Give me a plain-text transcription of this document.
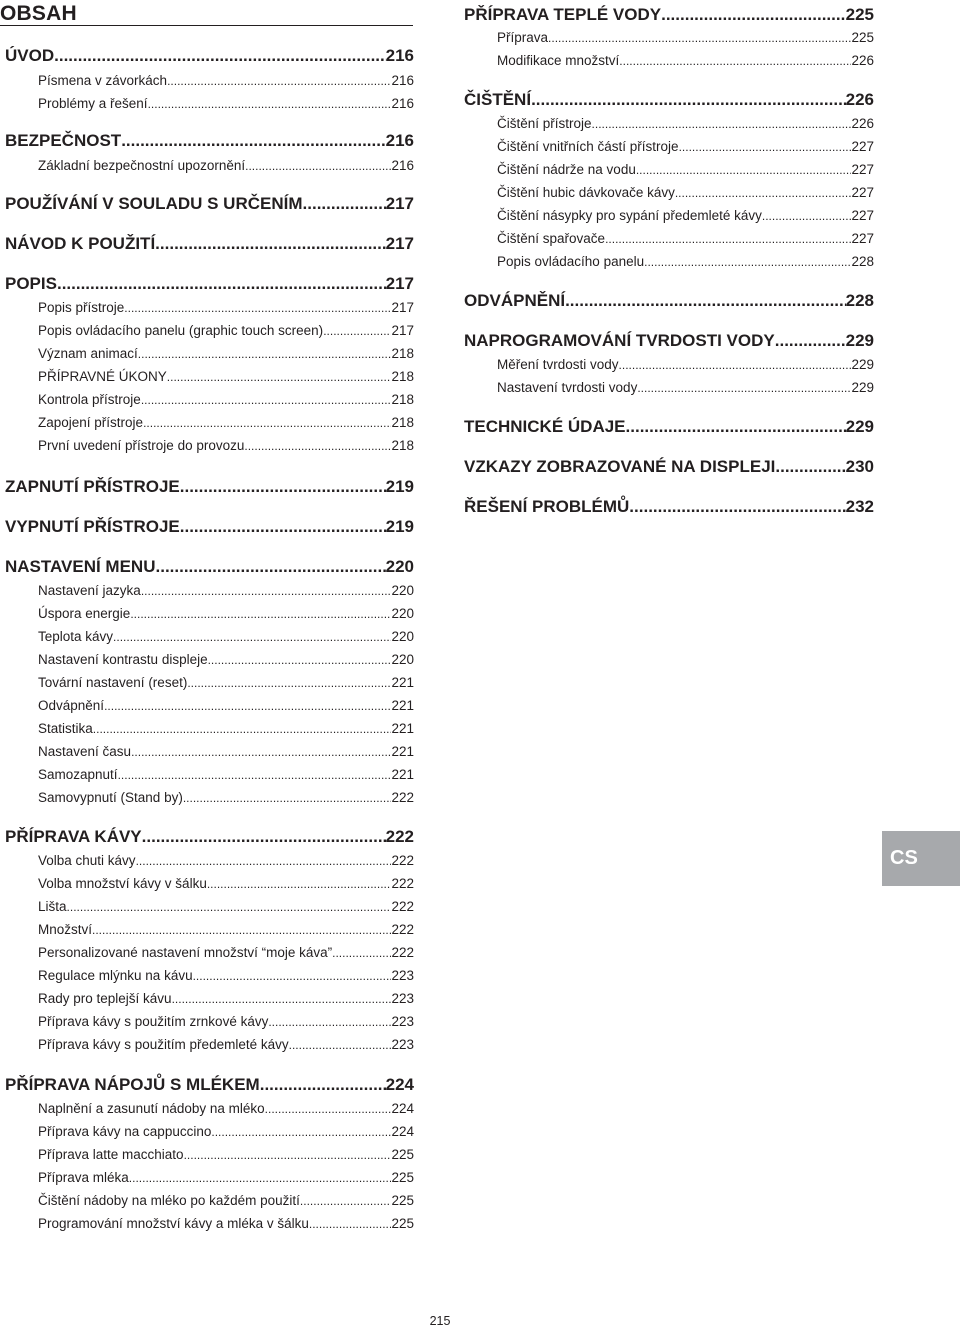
OBSAH
ÚVOD .....	216
Písmena v závorkách .....	216
Problémy a řešení .....	216
BEZPEČNOST .....	216
Základní bezpečnostní upozornění .....	216
POUŽÍVÁNÍ V SOULADU S URČENÍM .....	217
NÁVOD K POUŽITÍ .....	217
POPIS .....	217
Popis přístroje .....	217
Popis ovládacího panelu (graphic touch screen) .....	217
Význam animací .....	218
PŘÍPRAVNÉ ÚKONY .....	218
Kontrola přístroje .....	218
Zapojení přístroje .....	218
První uvedení přístroje do provozu .....	218
ZAPNUTÍ PŘÍSTROJE .....	219
VYPNUTÍ PŘÍSTROJE .....	219
NASTAVENÍ MENU .....	220
Nastavení jazyka .....	220
Úspora energie .....	220
Teplota kávy .....	220
Nastavení kontrastu displeje .....	220
Tovární nastavení (reset) .....	221
Odvápnění .....	221
Statistika .....	221
Nastavení času .....	221
Samozapnutí .....	221
Samovypnutí (Stand by) .....	222
PŘÍPRAVA KÁVY .....	222
Volba chuti kávy .....	222
Volba množství kávy v šálku .....	222
Lišta .....	222
Množství .....	222
Personalizované nastavení množství “moje káva” .....	222
Regulace mlýnku na kávu .....	223
Rady pro teplejší kávu .....	223
Příprava kávy s použitím zrnkové kávy .....	223
Příprava kávy s použitím předemleté kávy .....	223
PŘÍPRAVA NÁPOJŮ S MLÉKEM .....	224
Naplnění a zasunutí nádoby na mléko .....	224
Příprava kávy na cappuccino .....	224
Příprava latte macchiato .....	225
Příprava mléka .....	225
Čištění nádoby na mléko po každém použití .....	225
Programování množství kávy a mléka v šálku .....	225
PŘÍPRAVA TEPLÉ VODY .....	225
Příprava .....	225
Modifikace množství .....	226
ČIŠTĚNÍ .....	226
Čištění přístroje .....	226
Čištění vnitřních částí přístroje .....	227
Čištění nádrže na vodu .....	227
Čištění hubic dávkovače kávy .....	227
Čištění násypky pro sypání předemleté kávy .....	227
Čištění spařovače .....	227
Popis ovládacího panelu .....	228
ODVÁPNĚNÍ .....	228
NAPROGRAMOVÁNÍ TVRDOSTI VODY .....	229
Měření tvrdosti vody .....	229
Nastavení tvrdosti vody .....	229
TECHNICKÉ ÚDAJE .....	229
VZKAZY ZOBRAZOVANÉ NA DISPLEJI .....	230
ŘEŠENÍ PROBLÉMŮ .....	232
CS
215
